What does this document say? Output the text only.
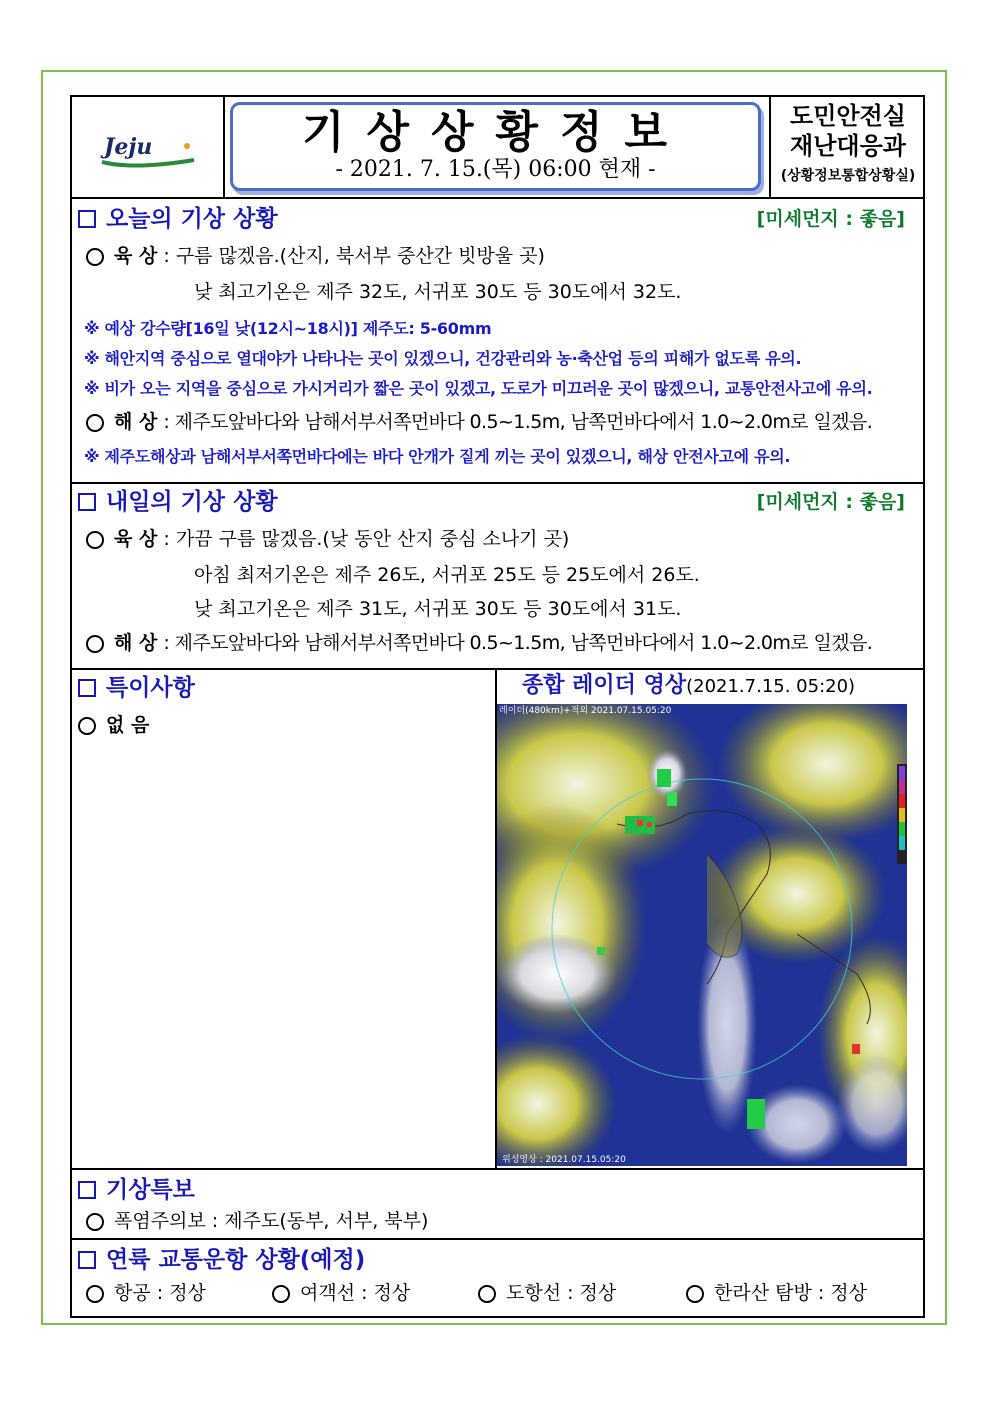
Jeju	기상상황정보
- 2021. 7. 15.(목) 06:00 현재 -
도민안전실
재난대응과
(상황정보통합상황실)
오늘의 기상 상황	[미세먼지 : 좋음]
육 상 : 구름 많겠음.(산지, 북서부 중산간 빗방울 곳)
낮 최고기온은 제주 32도, 서귀포 30도 등 30도에서 32도.
※ 예상 강수량[16일 낮(12시~18시)] 제주도: 5-60mm
※ 해안지역 중심으로 열대야가 나타나는 곳이 있겠으니, 건강관리와 농·축산업 등의 피해가 없도록 유의.
※ 비가 오는 지역을 중심으로 가시거리가 짧은 곳이 있겠고, 도로가 미끄러운 곳이 많겠으니, 교통안전사고에 유의.
해 상 : 제주도앞바다와 남해서부서쪽먼바다 0.5~1.5m, 남쪽먼바다에서 1.0~2.0m로 일겠음.
※ 제주도해상과 남해서부서쪽먼바다에는 바다 안개가 짙게 끼는 곳이 있겠으니, 해상 안전사고에 유의.
내일의 기상 상황	[미세먼지 : 좋음]
육 상 : 가끔 구름 많겠음.(낮 동안 산지 중심 소나기 곳)
아침 최저기온은 제주 26도, 서귀포 25도 등 25도에서 26도.
낮 최고기온은 제주 31도, 서귀포 30도 등 30도에서 31도.
해 상 : 제주도앞바다와 남해서부서쪽먼바다 0.5~1.5m, 남쪽먼바다에서 1.0~2.0m로 일겠음.
특이사항
없 음
종합 레이더 영상(2021.7.15. 05:20)
레이더(480km)+적외 2021.07.15.05:20
위성영상 : 2021.07.15.05:20
기상특보
폭염주의보 : 제주도(동부, 서부, 북부)
연륙 교통운항 상황(예정)
항공 : 정상	여객선 : 정상	도항선 : 정상	한라산 탐방 : 정상
